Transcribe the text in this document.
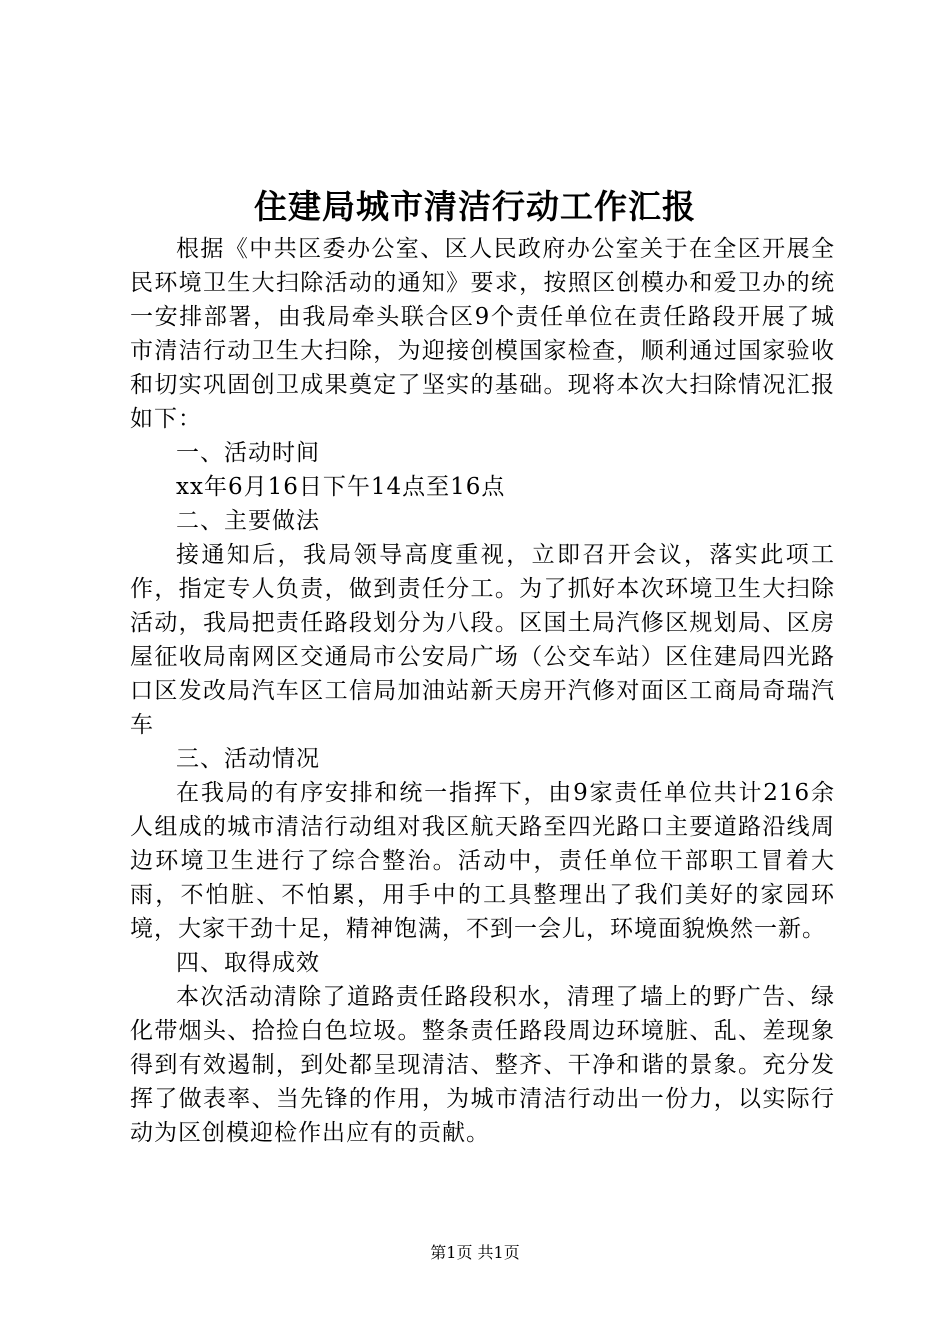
住建局城市清洁行动工作汇报

根据《中共区委办公室、区人民政府办公室关于在全区开展全民环境卫生大扫除活动的通知》要求，按照区创模办和爱卫办的统一安排部署，由我局牵头联合区9个责任单位在责任路段开展了城市清洁行动卫生大扫除，为迎接创模国家检查，顺利通过国家验收和切实巩固创卫成果奠定了坚实的基础。现将本次大扫除情况汇报如下：

一、活动时间

xx年6月16日下午14点至16点

二、主要做法

接通知后，我局领导高度重视，立即召开会议，落实此项工作，指定专人负责，做到责任分工。为了抓好本次环境卫生大扫除活动，我局把责任路段划分为八段。区国土局汽修区规划局、区房屋征收局南网区交通局市公安局广场（公交车站）区住建局四光路口区发改局汽车区工信局加油站新天房开汽修对面区工商局奇瑞汽车

三、活动情况

在我局的有序安排和统一指挥下，由9家责任单位共计216余人组成的城市清洁行动组对我区航天路至四光路口主要道路沿线周边环境卫生进行了综合整治。活动中，责任单位干部职工冒着大雨，不怕脏、不怕累，用手中的工具整理出了我们美好的家园环境，大家干劲十足，精神饱满，不到一会儿，环境面貌焕然一新。

四、取得成效

本次活动清除了道路责任路段积水，清理了墙上的野广告、绿化带烟头、拾捡白色垃圾。整条责任路段周边环境脏、乱、差现象得到有效遏制，到处都呈现清洁、整齐、干净和谐的景象。充分发挥了做表率、当先锋的作用，为城市清洁行动出一份力，以实际行动为区创模迎检作出应有的贡献。

第1页 共1页
